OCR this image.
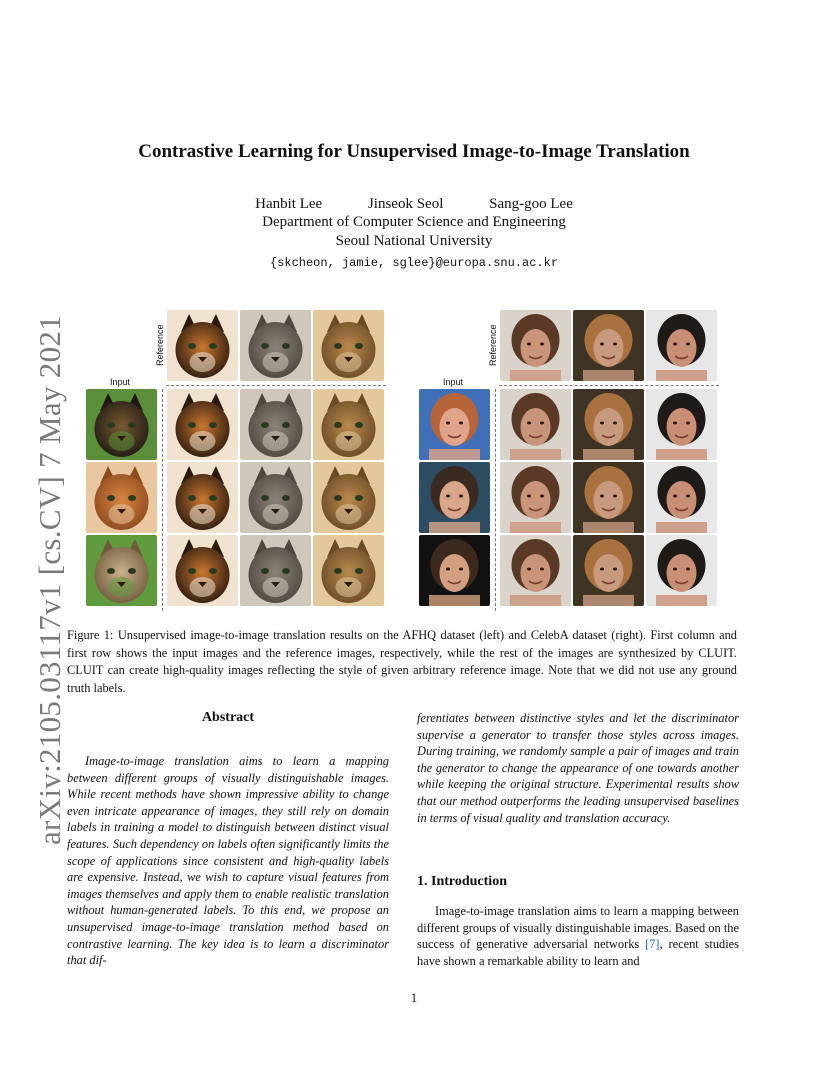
arXiv:2105.03117v1 [cs.CV] 7 May 2021
Contrastive Learning for Unsupervised Image-to-Image Translation
Hanbit Lee	Jinseok Seol	Sang-goo Lee
Department of Computer Science and Engineering
Seoul National University
{skcheon, jamie, sglee}@europa.snu.ac.kr
Input
Reference
Input
Reference
Figure 1: Unsupervised image-to-image translation results on the AFHQ dataset (left) and CelebA dataset (right). First column and first row shows the input images and the reference images, respectively, while the rest of the images are synthesized by CLUIT. CLUIT can create high-quality images reflecting the style of given arbitrary reference image. Note that we did not use any ground truth labels.
Abstract
Image-to-image translation aims to learn a mapping between different groups of visually distinguishable images. While recent methods have shown impressive ability to change even intricate appearance of images, they still rely on domain labels in training a model to distinguish between distinct visual features. Such dependency on labels often significantly limits the scope of applications since consistent and high-quality labels are expensive. Instead, we wish to capture visual features from images themselves and apply them to enable realistic translation without human-generated labels. To this end, we propose an unsupervised image-to-image translation method based on contrastive learning. The key idea is to learn a discriminator that dif-
ferentiates between distinctive styles and let the discriminator supervise a generator to transfer those styles across images. During training, we randomly sample a pair of images and train the generator to change the appearance of one towards another while keeping the original structure. Experimental results show that our method outperforms the leading unsupervised baselines in terms of visual quality and translation accuracy.
1. Introduction
Image-to-image translation aims to learn a mapping between different groups of visually distinguishable images. Based on the success of generative adversarial networks [7], recent studies have shown a remarkable ability to learn and
1
